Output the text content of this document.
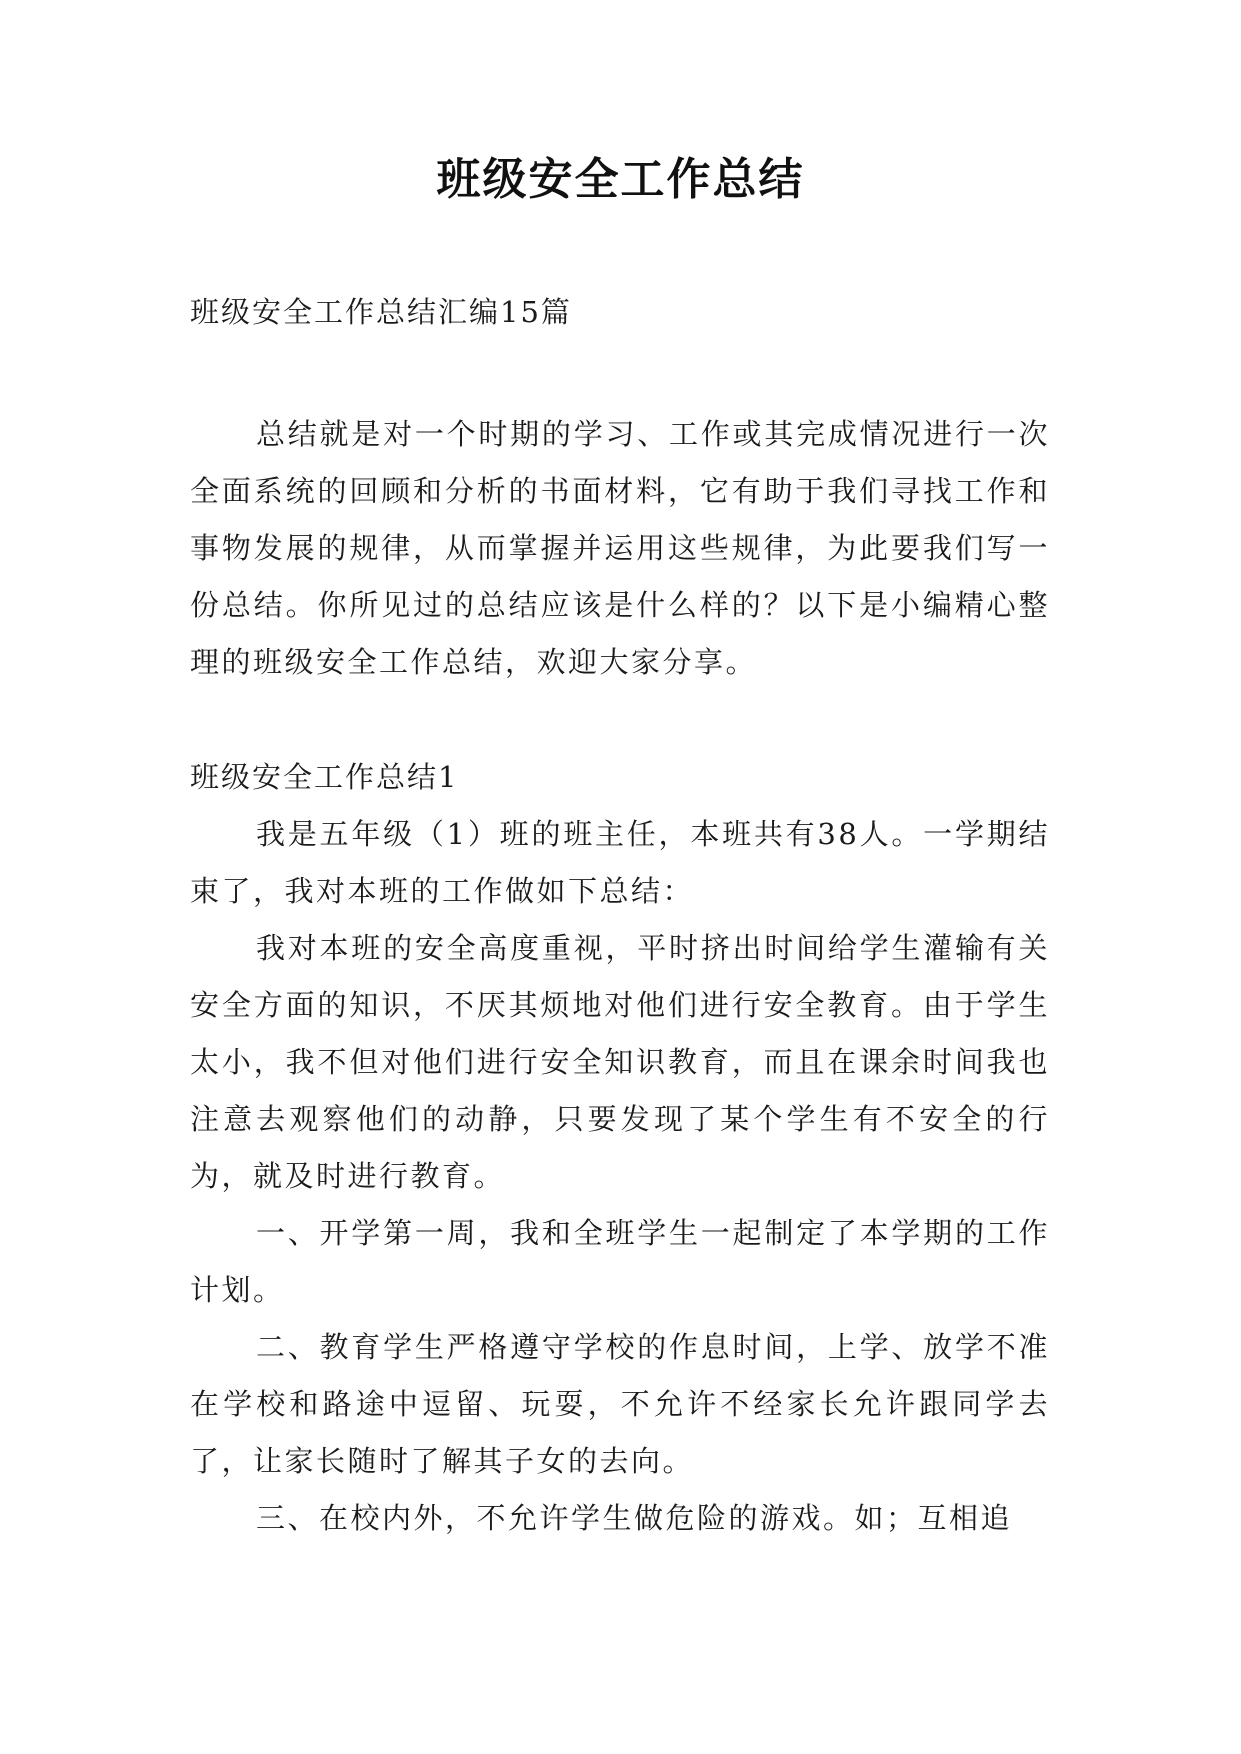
班级安全工作总结
班级安全工作总结汇编15篇
总结就是对一个时期的学习、工作或其完成情况进行一次全面系统的回顾和分析的书面材料，它有助于我们寻找工作和事物发展的规律，从而掌握并运用这些规律，为此要我们写一份总结。你所见过的总结应该是什么样的？以下是小编精心整理的班级安全工作总结，欢迎大家分享。
班级安全工作总结1
我是五年级（1）班的班主任，本班共有38人。一学期结束了，我对本班的工作做如下总结：
我对本班的安全高度重视，平时挤出时间给学生灌输有关安全方面的知识，不厌其烦地对他们进行安全教育。由于学生太小，我不但对他们进行安全知识教育，而且在课余时间我也注意去观察他们的动静，只要发现了某个学生有不安全的行为，就及时进行教育。
一、开学第一周，我和全班学生一起制定了本学期的工作计划。
二、教育学生严格遵守学校的作息时间，上学、放学不准在学校和路途中逗留、玩耍，不允许不经家长允许跟同学去了，让家长随时了解其子女的去向。
三、在校内外，不允许学生做危险的游戏。如；互相追
